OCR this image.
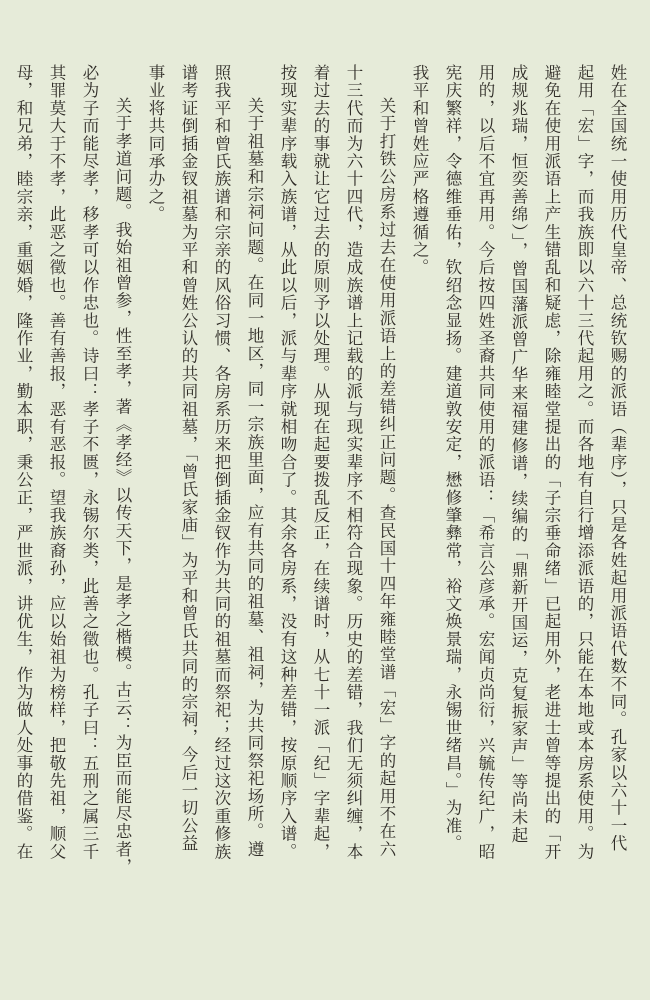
姓在全国统一使用历代皇帝、总统钦赐的派语（辈序），只是各姓起用派语代数不同。孔家以六十一代

起用「宏」字，而我族即以六十三代起用之。而各地有自行增添派语的，只能在本地或本房系使用。为

避免在使用派语上产生错乱和疑虑，除雍睦堂提出的「子宗垂命绪」已起用外，老进士曾等提出的「开

成规兆瑞，恒奕善绵）」，曾国藩派曾广华来福建修谱，续编的「鼎新开国运，克复振家声」等尚未起

用的，以后不宜再用。今后按四姓圣裔共同使用的派语：「希言公彦承。宏闻贞尚衍，兴毓传纪广，昭

宪庆繁祥，令德维垂佑，钦绍念显扬。建道敦安定，懋修肇彝常，裕文焕景瑞，永锡世绪昌。」为准。

我平和曾姓应严格遵循之。

关于打铁公房系过去在使用派语上的差错纠正问题。查民国十四年雍睦堂谱「宏」字的起用不在六

十三代而为六十四代，造成族谱上记载的派与现实辈序不相符合现象。历史的差错，我们无须纠缠，本

着过去的事就让它过去的原则予以处理。从现在起要拨乱反正，在续谱时，从七十一派「纪」字辈起，

按现实辈序载入族谱，从此以后，派与辈序就相吻合了。其余各房系，没有这种差错，按原顺序入谱。

关于祖墓和宗祠问题。在同一地区，同一宗族里面，应有共同的祖墓、祖祠，为共同祭祀场所。遵

照我平和曾氏族谱和宗亲的风俗习惯、各房系历来把倒插金钗作为共同的祖墓而祭祀；经过这次重修族

谱考证倒插金钗祖墓为平和曾姓公认的共同祖墓，「曾氏家庙」为平和曾氏共同的宗祠，今后一切公益

事业将共同承办之。

关于孝道问题。我始祖曾参，性至孝，著《孝经》以传天下，是孝之楷模。古云：为臣而能尽忠者，

必为子而能尽孝，移孝可以作忠也。诗曰：孝子不匮，永锡尔类，此善之徵也。孔子曰：五刑之属三千

其罪莫大于不孝，此恶之徵也。善有善报，恶有恶报。望我族裔孙，应以始祖为榜样，把敬先祖，顺父

母，和兄弟，睦宗亲，重姻婚，隆作业，勤本职，秉公正，严世派，讲优生，作为做人处事的借鉴。在
